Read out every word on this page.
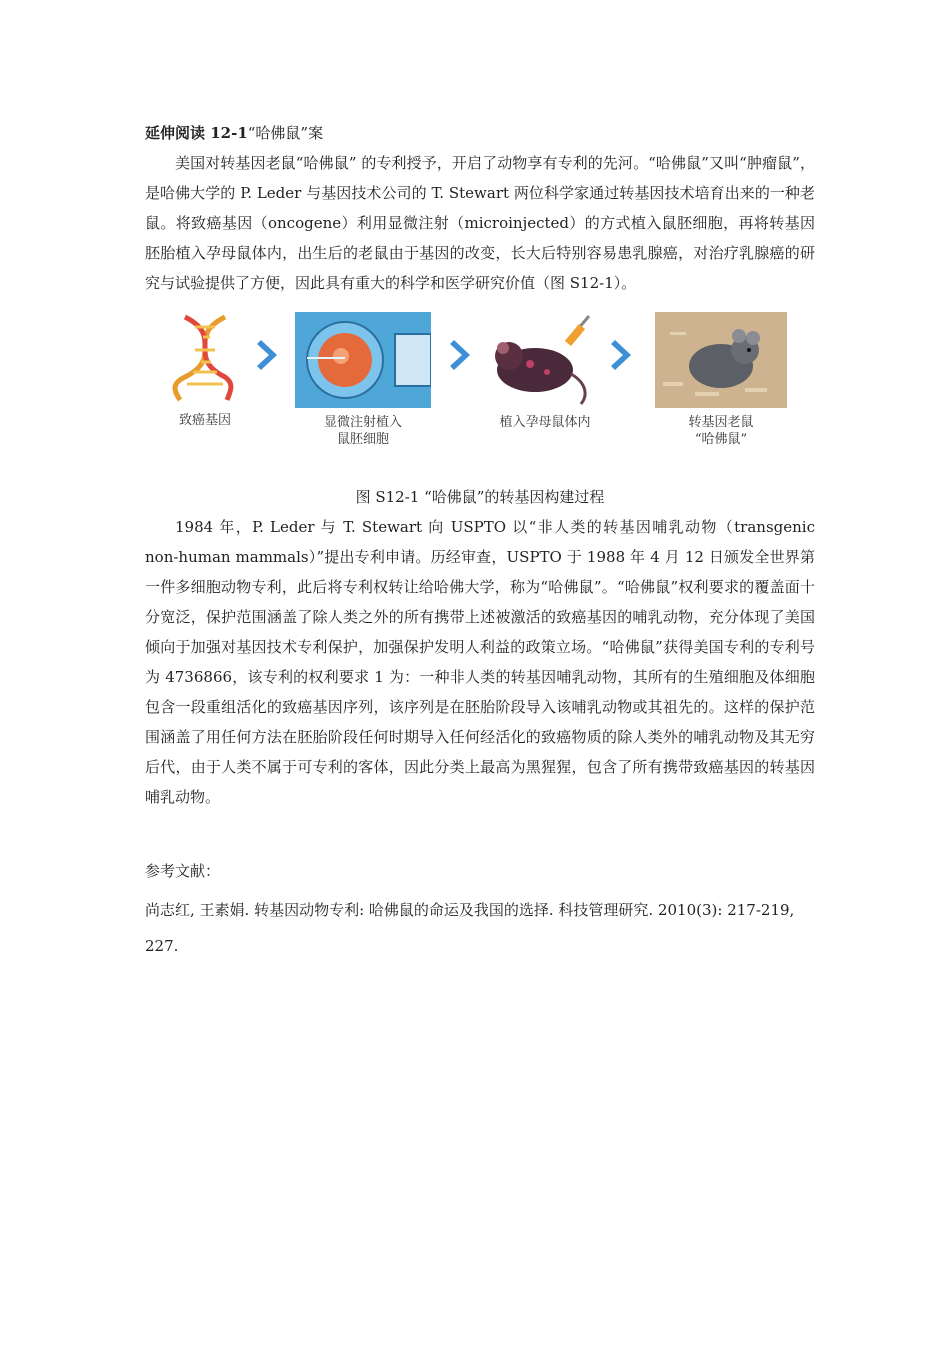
延伸阅读 12-1“哈佛鼠”案

美国对转基因老鼠“哈佛鼠” 的专利授予，开启了动物享有专利的先河。“哈佛鼠”又叫“肿瘤鼠”，是哈佛大学的 P. Leder 与基因技术公司的 T. Stewart 两位科学家通过转基因技术培育出来的一种老鼠。将致癌基因（oncogene）利用显微注射（microinjected）的方式植入鼠胚细胞，再将转基因胚胎植入孕母鼠体内，出生后的老鼠由于基因的改变，长大后特别容易患乳腺癌，对治疗乳腺癌的研究与试验提供了方便，因此具有重大的科学和医学研究价值（图 S12-1）。

致癌基因	显微注射植入
鼠胚细胞
植入孕母鼠体内	转基因老鼠
“哈佛鼠”
图 S12-1 “哈佛鼠”的转基因构建过程

1984 年，P. Leder 与 T. Stewart 向 USPTO 以“非人类的转基因哺乳动物（transgenic non-human mammals）”提出专利申请。历经审查，USPTO 于 1988 年 4 月 12 日颁发全世界第一件多细胞动物专利，此后将专利权转让给哈佛大学，称为“哈佛鼠”。“哈佛鼠”权利要求的覆盖面十分宽泛，保护范围涵盖了除人类之外的所有携带上述被激活的致癌基因的哺乳动物，充分体现了美国倾向于加强对基因技术专利保护，加强保护发明人利益的政策立场。“哈佛鼠”获得美国专利的专利号为 4736866，该专利的权利要求 1 为：一种非人类的转基因哺乳动物，其所有的生殖细胞及体细胞包含一段重组活化的致癌基因序列，该序列是在胚胎阶段导入该哺乳动物或其祖先的。这样的保护范围涵盖了用任何方法在胚胎阶段任何时期导入任何经活化的致癌物质的除人类外的哺乳动物及其无穷后代，由于人类不属于可专利的客体，因此分类上最高为黑猩猩，包含了所有携带致癌基因的转基因哺乳动物。

参考文献：

尚志红, 王素娟. 转基因动物专利: 哈佛鼠的命运及我国的选择. 科技管理研究. 2010(3): 217-219, 227.
